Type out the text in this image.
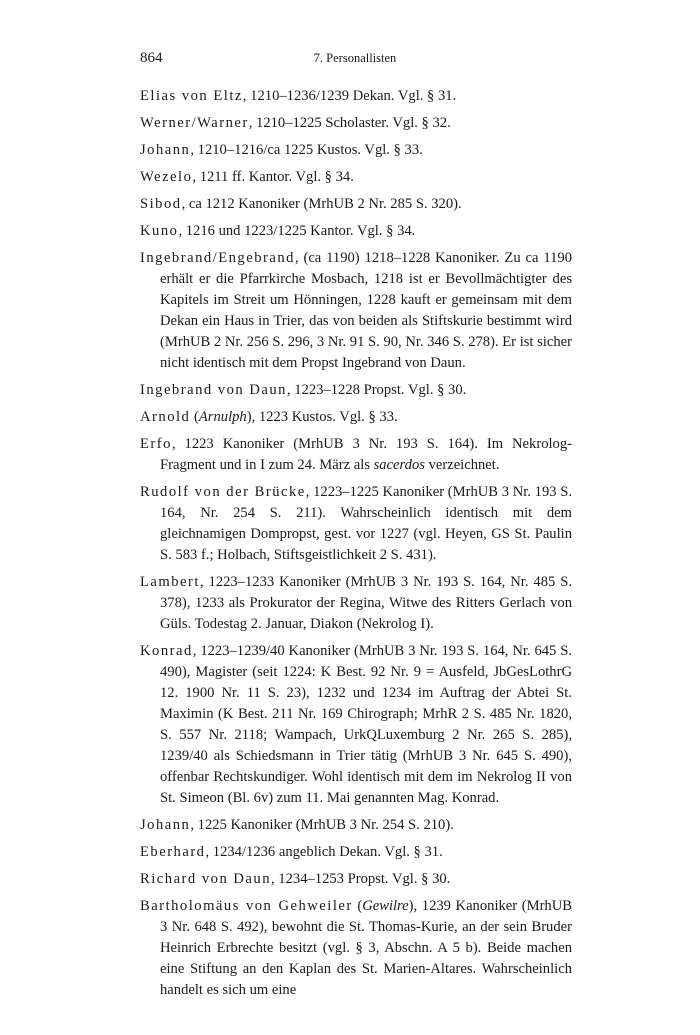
864	7. Personallisten

Elias von Eltz, 1210–1236/1239 Dekan. Vgl. § 31.

Werner/Warner, 1210–1225 Scholaster. Vgl. § 32.

Johann, 1210–1216/ca 1225 Kustos. Vgl. § 33.

Wezelo, 1211 ff. Kantor. Vgl. § 34.

Sibod, ca 1212 Kanoniker (MrhUB 2 Nr. 285 S. 320).

Kuno, 1216 und 1223/1225 Kantor. Vgl. § 34.

Ingebrand/Engebrand, (ca 1190) 1218–1228 Kanoniker. Zu ca 1190 erhält er die Pfarrkirche Mosbach, 1218 ist er Bevollmächtigter des Kapitels im Streit um Hönningen, 1228 kauft er gemeinsam mit dem Dekan ein Haus in Trier, das von beiden als Stiftskurie bestimmt wird (MrhUB 2 Nr. 256 S. 296, 3 Nr. 91 S. 90, Nr. 346 S. 278). Er ist sicher nicht identisch mit dem Propst Ingebrand von Daun.

Ingebrand von Daun, 1223–1228 Propst. Vgl. § 30.

Arnold (Arnulph), 1223 Kustos. Vgl. § 33.

Erfo, 1223 Kanoniker (MrhUB 3 Nr. 193 S. 164). Im Nekrolog-Fragment und in I zum 24. März als sacerdos verzeichnet.

Rudolf von der Brücke, 1223–1225 Kanoniker (MrhUB 3 Nr. 193 S. 164, Nr. 254 S. 211). Wahrscheinlich identisch mit dem gleichnamigen Dompropst, gest. vor 1227 (vgl. Heyen, GS St. Paulin S. 583 f.; Holbach, Stiftsgeistlichkeit 2 S. 431).

Lambert, 1223–1233 Kanoniker (MrhUB 3 Nr. 193 S. 164, Nr. 485 S. 378), 1233 als Prokurator der Regina, Witwe des Ritters Gerlach von Güls. Todestag 2. Januar, Diakon (Nekrolog I).

Konrad, 1223–1239/40 Kanoniker (MrhUB 3 Nr. 193 S. 164, Nr. 645 S. 490), Magister (seit 1224: K Best. 92 Nr. 9 = Ausfeld, JbGesLothrG 12. 1900 Nr. 11 S. 23), 1232 und 1234 im Auftrag der Abtei St. Maximin (K Best. 211 Nr. 169 Chirograph; MrhR 2 S. 485 Nr. 1820, S. 557 Nr. 2118; Wampach, UrkQLuxemburg 2 Nr. 265 S. 285), 1239/40 als Schiedsmann in Trier tätig (MrhUB 3 Nr. 645 S. 490), offenbar Rechtskundiger. Wohl identisch mit dem im Nekrolog II von St. Simeon (Bl. 6v) zum 11. Mai genannten Mag. Konrad.

Johann, 1225 Kanoniker (MrhUB 3 Nr. 254 S. 210).

Eberhard, 1234/1236 angeblich Dekan. Vgl. § 31.

Richard von Daun, 1234–1253 Propst. Vgl. § 30.

Bartholomäus von Gehweiler (Gewilre), 1239 Kanoniker (MrhUB 3 Nr. 648 S. 492), bewohnt die St. Thomas-Kurie, an der sein Bruder Heinrich Erbrechte besitzt (vgl. § 3, Abschn. A 5 b). Beide machen eine Stiftung an den Kaplan des St. Marien-Altares. Wahrscheinlich handelt es sich um eine
